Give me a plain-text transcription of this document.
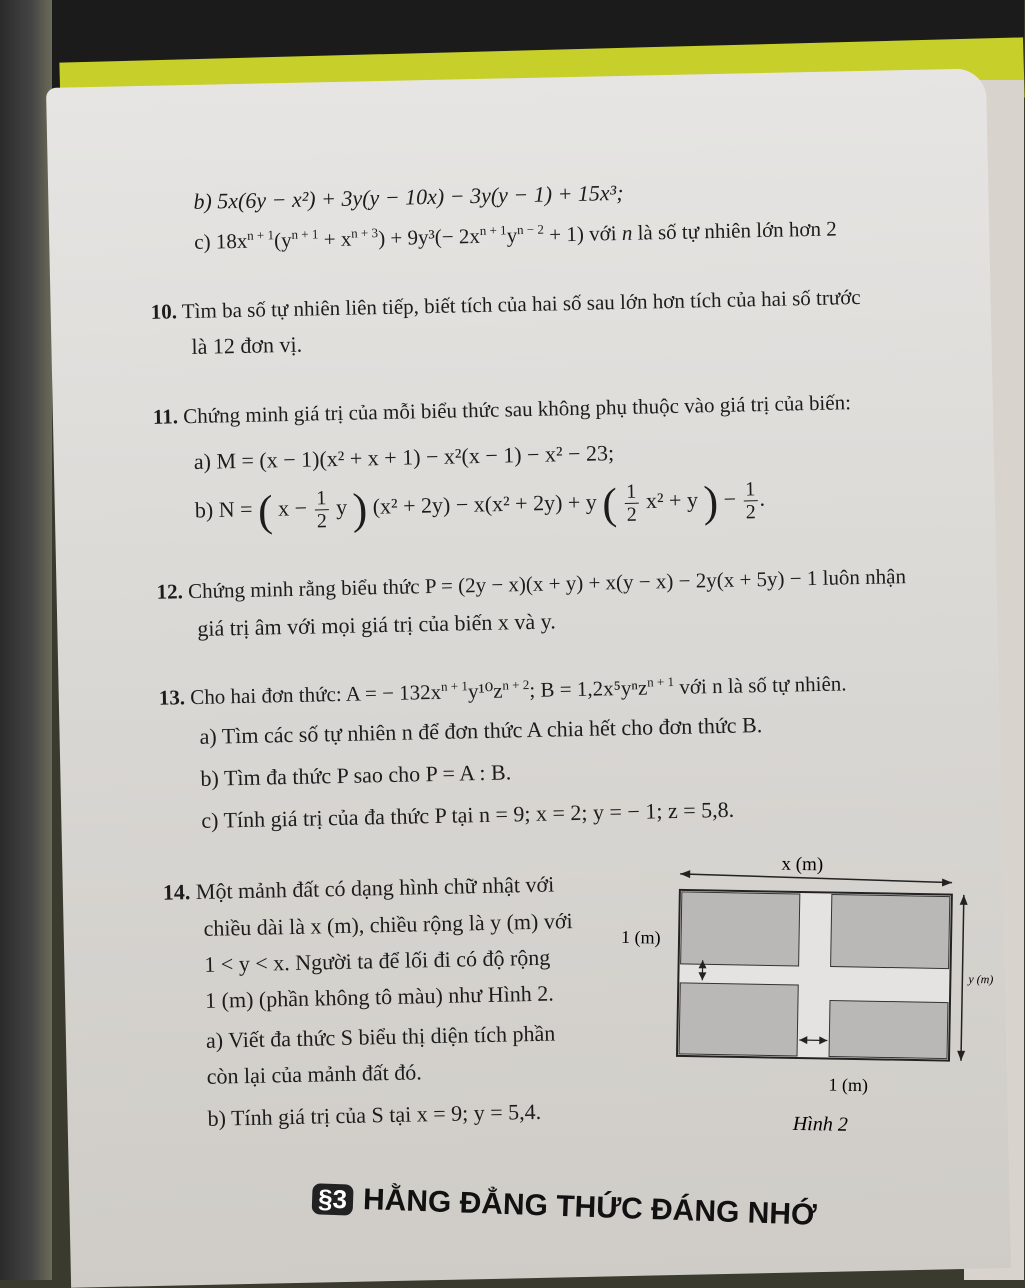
b) 5x(6y − x²) + 3y(y − 10x) − 3y(y − 1) + 15x³;
c) $18x^{n + 1}(y^{n + 1} + x^{n + 3}) + 9y^3(- 2x^{n + 1}y^{n - 2} + 1)$ với n là số tự nhiên lớn hơn 2
10. Tìm ba số tự nhiên liên tiếp, biết tích của hai số sau lớn hơn tích của hai số trước
là 12 đơn vị.
11. Chứng minh giá trị của mỗi biểu thức sau không phụ thuộc vào giá trị của biến:
a) M = (x − 1)(x² + x + 1) − x²(x − 1) − x² − 23;
b) N = ( $x - \frac{1}{2}$ y ) (x² + 2y) − x(x² + 2y) + y ( $\frac{1}{2} x^2 + y$ ) − $\frac{1}{2}$ .
12. Chứng minh rằng biểu thức P = (2y − x)(x + y) + x(y − x) − 2y(x + 5y) − 1 luôn nhận
giá trị âm với mọi giá trị của biến x và y.
13. Cho hai đơn thức: A = − $132x^{n + 1}y^{10}z^{n + 2}$; B = 1,2x⁵yⁿz$^{n + 1}$ với n là số tự nhiên.
a) Tìm các số tự nhiên n để đơn thức A chia hết cho đơn thức B.
b) Tìm đa thức P sao cho P = A : B.
c) Tính giá trị của đa thức P tại n = 9; x = 2; y = − 1; z = 5,8.
14. Một mảnh đất có dạng hình chữ nhật với
chiều dài là x (m), chiều rộng là y (m) với
1 < y < x. Người ta để lối đi có độ rộng
1 (m) (phần không tô màu) như Hình 2.
a) Viết đa thức S biểu thị diện tích phần
còn lại của mảnh đất đó.
b) Tính giá trị của S tại x = 9; y = 5,4.
x (m)
1 (m)
1 (m)
y (m)
Hình 2
§3 HẰNG ĐẲNG THỨC ĐÁNG NHỚ
